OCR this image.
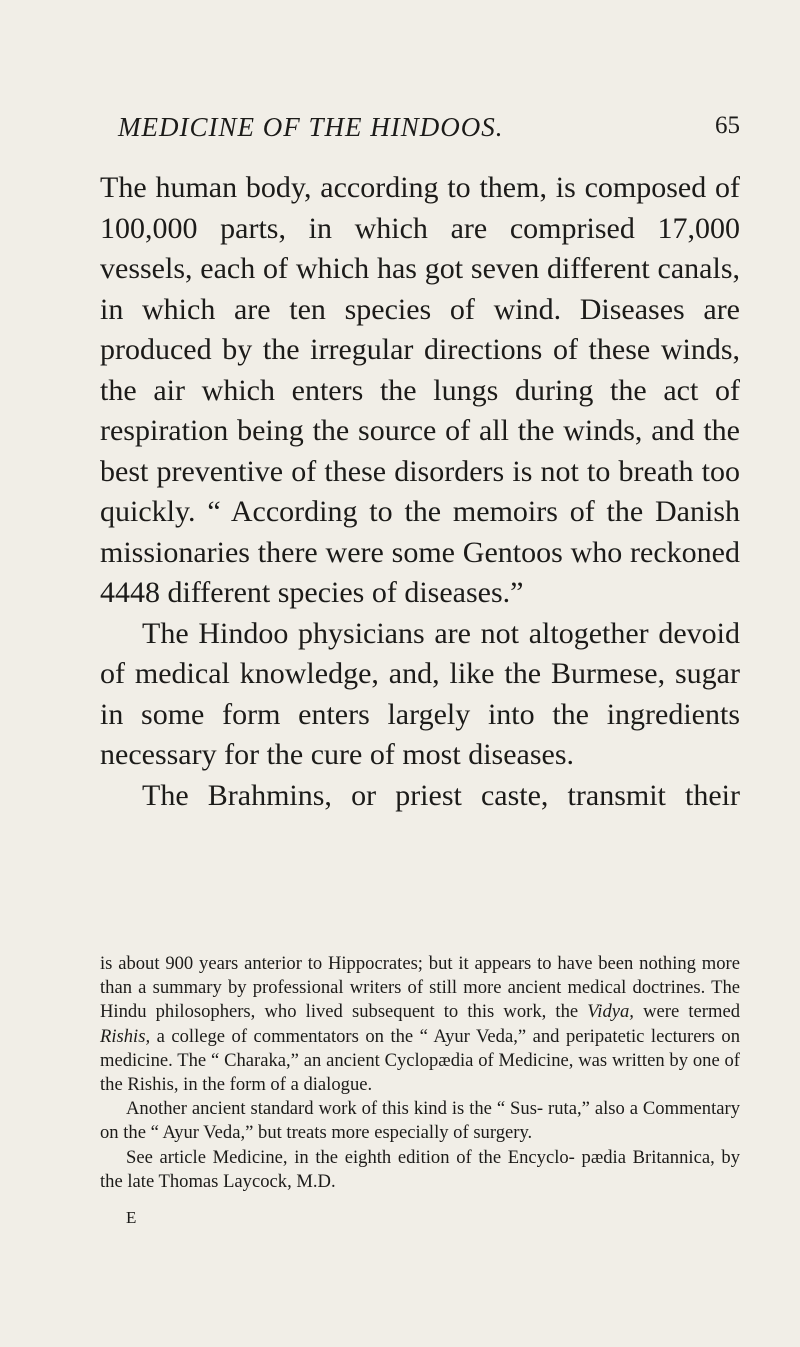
MEDICINE OF THE HINDOOS.	65

The human body, according to them, is composed of 100,000 parts, in which are comprised 17,000 vessels, each of which has got seven different canals, in which are ten species of wind. Diseases are produced by the irregular directions of these winds, the air which enters the lungs during the act of respiration being the source of all the winds, and the best preventive of these disorders is not to breath too quickly. “ According to the memoirs of the Danish missionaries there were some Gentoos who reckoned 4448 different species of diseases.”

The Hindoo physicians are not altogether devoid of medical knowledge, and, like the Burmese, sugar in some form enters largely into the ingredients necessary for the cure of most diseases.

The Brahmins, or priest caste, transmit their

is about 900 years anterior to Hippocrates; but it appears to have been nothing more than a summary by professional writers of still more ancient medical doctrines. The Hindu philosophers, who lived subsequent to this work, the Vidya, were termed Rishis, a college of commentators on the “ Ayur Veda,” and peripatetic lecturers on medicine. The “ Charaka,” an ancient Cyclopædia of Medicine, was written by one of the Rishis, in the form of a dialogue.

Another ancient standard work of this kind is the “ Sus- ruta,” also a Commentary on the “ Ayur Veda,” but treats more especially of surgery.

See article Medicine, in the eighth edition of the Encyclo- pædia Britannica, by the late Thomas Laycock, M.D.

E
